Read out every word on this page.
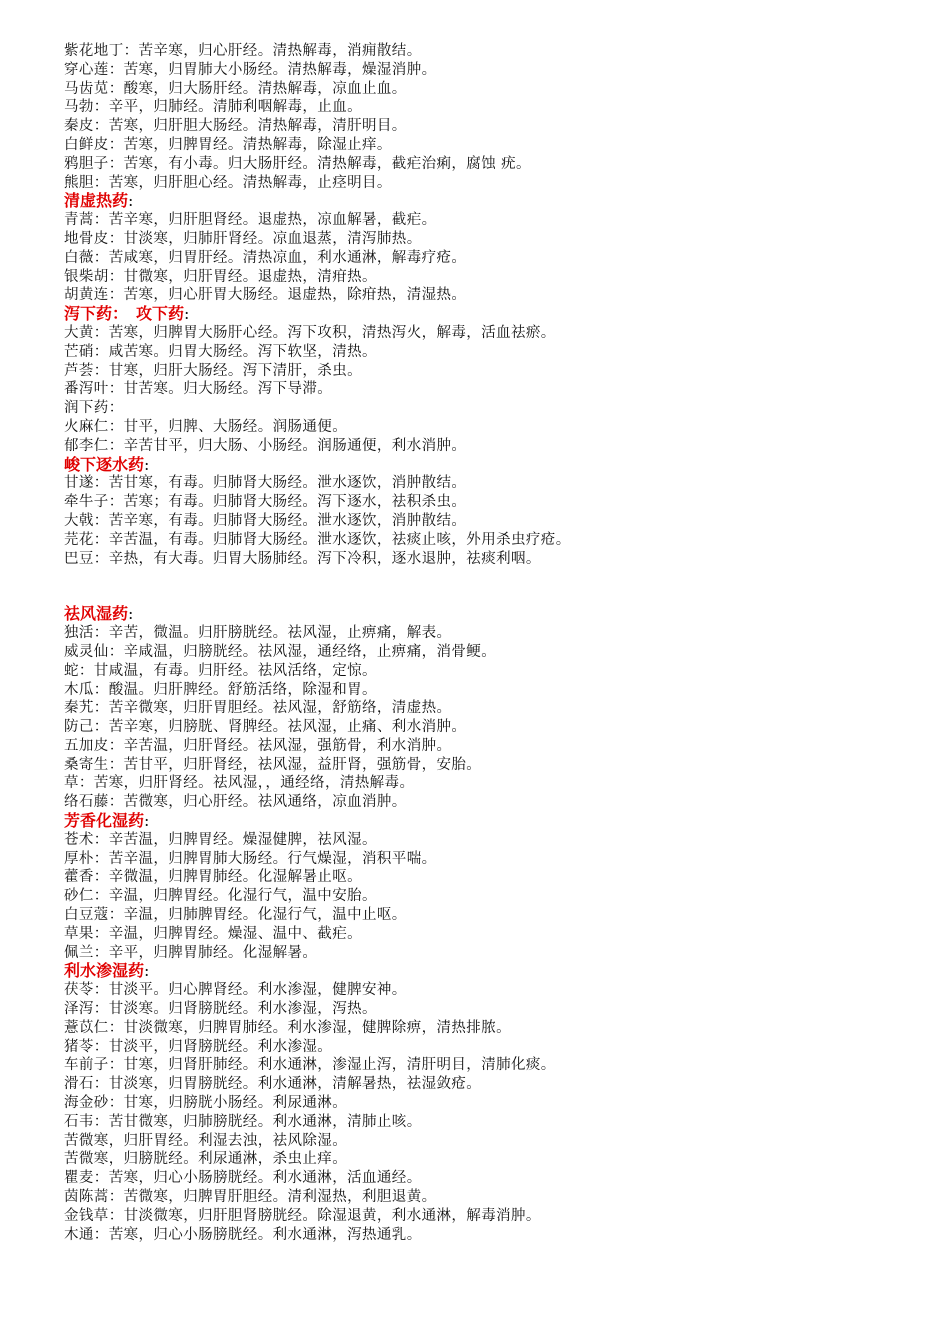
紫花地丁：苦辛寒，归心肝经。清热解毒，消痈散结。
穿心莲：苦寒，归胃肺大小肠经。清热解毒，燥湿消肿。
马齿苋：酸寒，归大肠肝经。清热解毒，凉血止血。
马勃：辛平，归肺经。清肺利咽解毒，止血。
秦皮：苦寒，归肝胆大肠经。清热解毒，清肝明目。
白鲜皮：苦寒，归脾胃经。清热解毒，除湿止痒。
鸦胆子：苦寒，有小毒。归大肠肝经。清热解毒，截疟治痢，腐蚀 疣。
熊胆：苦寒，归肝胆心经。清热解毒，止痉明目。
清虚热药:
青蒿：苦辛寒，归肝胆肾经。退虚热，凉血解暑，截疟。
地骨皮：甘淡寒，归肺肝肾经。凉血退蒸，清泻肺热。
白薇：苦咸寒，归胃肝经。清热凉血，利水通淋，解毒疗疮。
银柴胡：甘微寒，归肝胃经。退虚热，清疳热。
胡黄连：苦寒，归心肝胃大肠经。退虚热，除疳热，清湿热。
泻下药：　攻下药:
大黄：苦寒，归脾胃大肠肝心经。泻下攻积，清热泻火，解毒，活血祛瘀。
芒硝：咸苦寒。归胃大肠经。泻下软坚，清热。
芦荟：甘寒，归肝大肠经。泻下清肝，杀虫。
番泻叶：甘苦寒。归大肠经。泻下导滞。
润下药：
火麻仁：甘平，归脾、大肠经。润肠通便。
郁李仁：辛苦甘平，归大肠、小肠经。润肠通便，利水消肿。
峻下逐水药:
甘遂：苦甘寒，有毒。归肺肾大肠经。泄水逐饮，消肿散结。
牵牛子：苦寒；有毒。归肺肾大肠经。泻下逐水，祛积杀虫。
大戟：苦辛寒，有毒。归肺肾大肠经。泄水逐饮，消肿散结。
芫花：辛苦温，有毒。归肺肾大肠经。泄水逐饮，祛痰止咳，外用杀虫疗疮。
巴豆：辛热，有大毒。归胃大肠肺经。泻下冷积，逐水退肿，祛痰利咽。
祛风湿药:
独活：辛苦，微温。归肝膀胱经。祛风湿，止痹痛，解表。
威灵仙：辛咸温，归膀胱经。祛风湿，通经络，止痹痛，消骨鲠。
蛇：甘咸温，有毒。归肝经。祛风活络，定惊。
木瓜：酸温。归肝脾经。舒筋活络，除湿和胃。
秦艽：苦辛微寒，归肝胃胆经。祛风湿，舒筋络，清虚热。
防己：苦辛寒，归膀胱、肾脾经。祛风湿，止痛、利水消肿。
五加皮：辛苦温，归肝肾经。祛风湿，强筋骨，利水消肿。
桑寄生：苦甘平，归肝肾经，祛风湿，益肝肾，强筋骨，安胎。
草：苦寒，归肝肾经。祛风湿，，通经络，清热解毒。
络石藤：苦微寒，归心肝经。祛风通络，凉血消肿。
芳香化湿药:
苍术：辛苦温，归脾胃经。燥湿健脾，祛风湿。
厚朴：苦辛温，归脾胃肺大肠经。行气燥湿，消积平喘。
藿香：辛微温，归脾胃肺经。化湿解暑止呕。
砂仁：辛温，归脾胃经。化湿行气，温中安胎。
白豆蔻：辛温，归肺脾胃经。化湿行气，温中止呕。
草果：辛温，归脾胃经。燥湿、温中、截疟。
佩兰：辛平，归脾胃肺经。化湿解暑。
利水渗湿药:
茯苓：甘淡平。归心脾肾经。利水渗湿，健脾安神。
泽泻：甘淡寒。归肾膀胱经。利水渗湿，泻热。
薏苡仁：甘淡微寒，归脾胃肺经。利水渗湿，健脾除痹，清热排脓。
猪苓：甘淡平，归肾膀胱经。利水渗湿。
车前子：甘寒，归肾肝肺经。利水通淋，渗湿止泻，清肝明目，清肺化痰。
滑石：甘淡寒，归胃膀胱经。利水通淋，清解暑热，祛湿敛疮。
海金砂：甘寒，归膀胱小肠经。利尿通淋。
石韦：苦甘微寒，归肺膀胱经。利水通淋，清肺止咳。
苦微寒，归肝胃经。利湿去浊，祛风除湿。
苦微寒，归膀胱经。利尿通淋，杀虫止痒。
瞿麦：苦寒，归心小肠膀胱经。利水通淋，活血通经。
茵陈蒿：苦微寒，归脾胃肝胆经。清利湿热，利胆退黄。
金钱草：甘淡微寒，归肝胆肾膀胱经。除湿退黄，利水通淋，解毒消肿。
木通：苦寒，归心小肠膀胱经。利水通淋，泻热通乳。
